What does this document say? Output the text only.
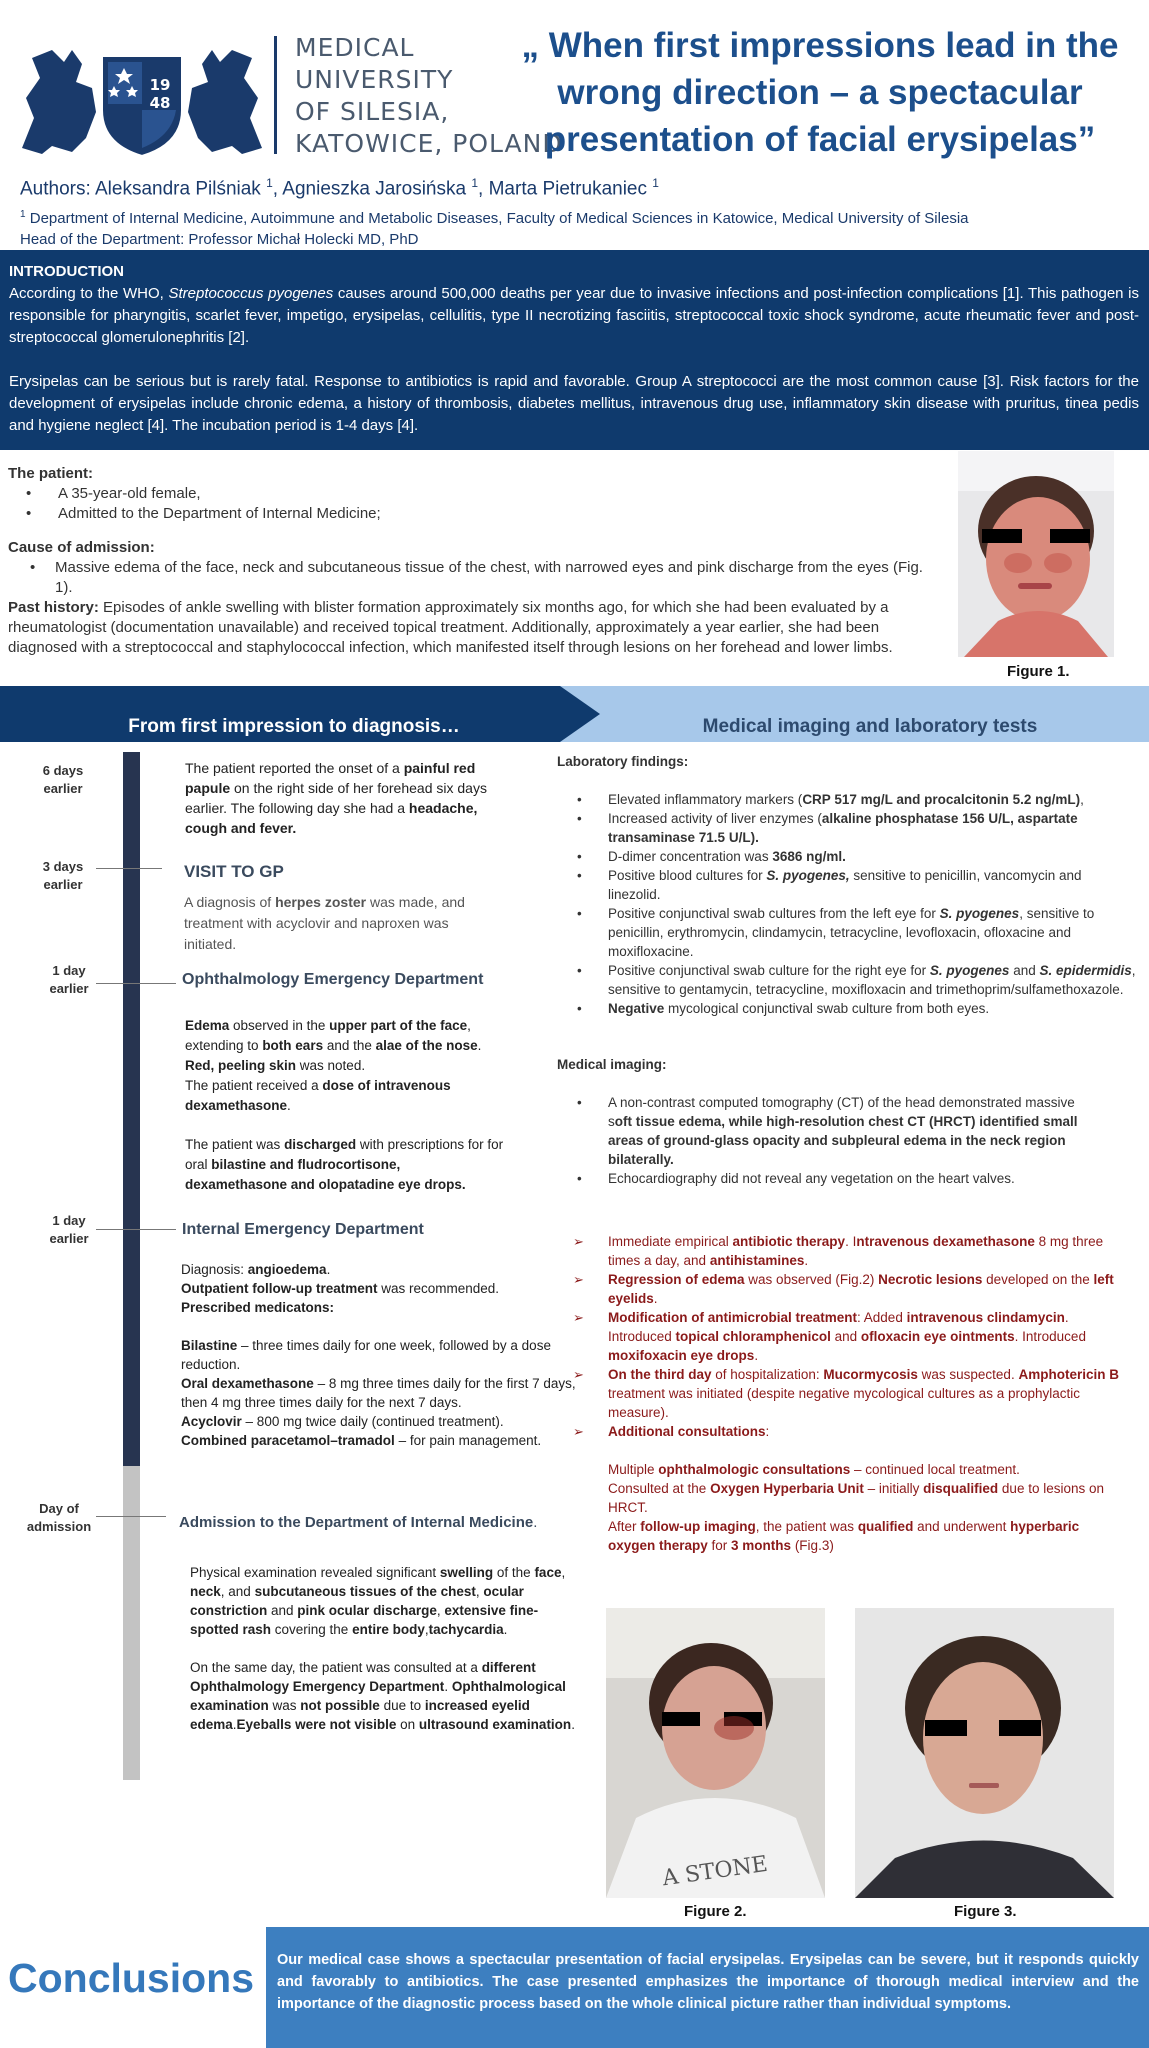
19
48
MEDICAL
UNIVERSITY
OF SILESIA,
KATOWICE, POLAND
„ When first impressions lead in the
wrong direction – a spectacular
presentation of facial erysipelas”
Authors: Aleksandra Pilśniak $^1$, Agnieszka Jarosińska $^1$, Marta Pietrukaniec $^1$
$^1$ Department of Internal Medicine, Autoimmune and Metabolic Diseases, Faculty of Medical Sciences in Katowice, Medical University of Silesia
Head of the Department: Professor Michał Holecki MD, PhD
INTRODUCTION

According to the WHO, Streptococcus pyogenes causes around 500,000 deaths per year due to invasive infections and post-infection complications [1]. This pathogen is responsible for pharyngitis, scarlet fever, impetigo, erysipelas, cellulitis, type II necrotizing fasciitis, streptococcal toxic shock syndrome, acute rheumatic fever and post-streptococcal glomerulonephritis [2].

Erysipelas can be serious but is rarely fatal. Response to antibiotics is rapid and favorable. Group A streptococci are the most common cause [3]. Risk factors for the development of erysipelas include chronic edema, a history of thrombosis, diabetes mellitus, intravenous drug use, inflammatory skin disease with pruritus, tinea pedis and hygiene neglect [4]. The incubation period is 1-4 days [4].

The patient:
• A 35-year-old female,
• Admitted to the Department of Internal Medicine;
Cause of admission:
• Massive edema of the face, neck and subcutaneous tissue of the chest, with narrowed eyes and pink discharge from the eyes (Fig. 1).
Past history: Episodes of ankle swelling with blister formation approximately six months ago, for which she had been evaluated by a rheumatologist (documentation unavailable) and received topical treatment. Additionally, approximately a year earlier, she had been diagnosed with a streptococcal and staphylococcal infection, which manifested itself through lesions on her forehead and lower limbs.
Figure 1.
From first impression to diagnosis…	Medical imaging and laboratory tests
6 days
earlier
3 days
earlier
1 day
earlier
1 day
earlier
Day of
admission
The patient reported the onset of a painful red papule on the right side of her forehead six days earlier. The following day she had a headache, cough and fever.
VISIT TO GP
A diagnosis of herpes zoster was made, and treatment with acyclovir and naproxen was initiated.
Ophthalmology Emergency Department
Edema observed in the upper part of the face, extending to both ears and the alae of the nose.
Red, peeling skin was noted.
The patient received a dose of intravenous dexamethasone.
The patient was discharged with prescriptions for for oral bilastine and fludrocortisone, dexamethasone and olopatadine eye drops.
Internal Emergency Department
Diagnosis: angioedema.
Outpatient follow-up treatment was recommended.
Prescribed medicatons:
Bilastine – three times daily for one week, followed by a dose reduction.
Oral dexamethasone – 8 mg three times daily for the first 7 days, then 4 mg three times daily for the next 7 days.
Acyclovir – 800 mg twice daily (continued treatment).
Combined paracetamol–tramadol – for pain management.
Admission to the Department of Internal Medicine.
Physical examination revealed significant swelling of the face, neck, and subcutaneous tissues of the chest, ocular constriction and pink ocular discharge, extensive fine-spotted rash covering the entire body,tachycardia.
On the same day, the patient was consulted at a different Ophthalmology Emergency Department. Ophthalmological examination was not possible due to increased eyelid edema.Eyeballs were not visible on ultrasound examination.
Laboratory findings:
• Elevated inflammatory markers (CRP 517 mg/L and procalcitonin 5.2 ng/mL),
• Increased activity of liver enzymes (alkaline phosphatase 156 U/L, aspartate transaminase 71.5 U/L).
• D-dimer concentration was 3686 ng/ml.
• Positive blood cultures for S. pyogenes, sensitive to penicillin, vancomycin and linezolid.
• Positive conjunctival swab cultures from the left eye for S. pyogenes, sensitive to penicillin, erythromycin, clindamycin, tetracycline, levofloxacin, ofloxacine and moxifloxacine.
• Positive conjunctival swab culture for the right eye for S. pyogenes and S. epidermidis, sensitive to gentamycin, tetracycline, moxifloxacin and trimethoprim/sulfamethoxazole.
• Negative mycological conjunctival swab culture from both eyes.
Medical imaging:
• A non-contrast computed tomography (CT) of the head demonstrated massive soft tissue edema, while high-resolution chest CT (HRCT) identified small areas of ground-glass opacity and subpleural edema in the neck region bilaterally.
• Echocardiography did not reveal any vegetation on the heart valves.
➢ Immediate empirical antibiotic therapy. Intravenous dexamethasone 8 mg three times a day, and antihistamines.
➢ Regression of edema was observed (Fig.2) Necrotic lesions developed on the left eyelids.
➢ Modification of antimicrobial treatment: Added intravenous clindamycin. Introduced topical chloramphenicol and ofloxacin eye ointments. Introduced moxifoxacin eye drops.
➢ On the third day of hospitalization: Mucormycosis was suspected. Amphotericin B treatment was initiated (despite negative mycological cultures as a prophylactic measure).
➢ Additional consultations:
Multiple ophthalmologic consultations – continued local treatment.
Consulted at the Oxygen Hyperbaria Unit – initially disqualified due to lesions on HRCT.
After follow-up imaging, the patient was qualified and underwent hyperbaric oxygen therapy for 3 months (Fig.3)
A STONE
Figure 2.	Figure 3.
Conclusions Our medical case shows a spectacular presentation of facial erysipelas. Erysipelas can be severe, but it responds quickly and favorably to antibiotics. The case presented emphasizes the importance of thorough medical interview and the importance of the diagnostic process based on the whole clinical picture rather than individual symptoms.
